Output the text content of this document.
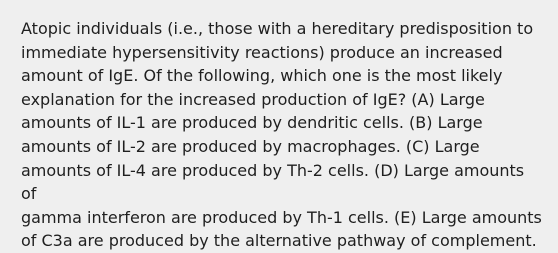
Atopic individuals (i.e., those with a hereditary predisposition to
immediate hypersensitivity reactions) produce an increased
amount of IgE. Of the following, which one is the most likely
explanation for the increased production of IgE? (A) Large
amounts of IL-1 are produced by dendritic cells. (B) Large
amounts of IL-2 are produced by macrophages. (C) Large
amounts of IL-4 are produced by Th-2 cells. (D) Large amounts of
gamma interferon are produced by Th-1 cells. (E) Large amounts
of C3a are produced by the alternative pathway of complement.
